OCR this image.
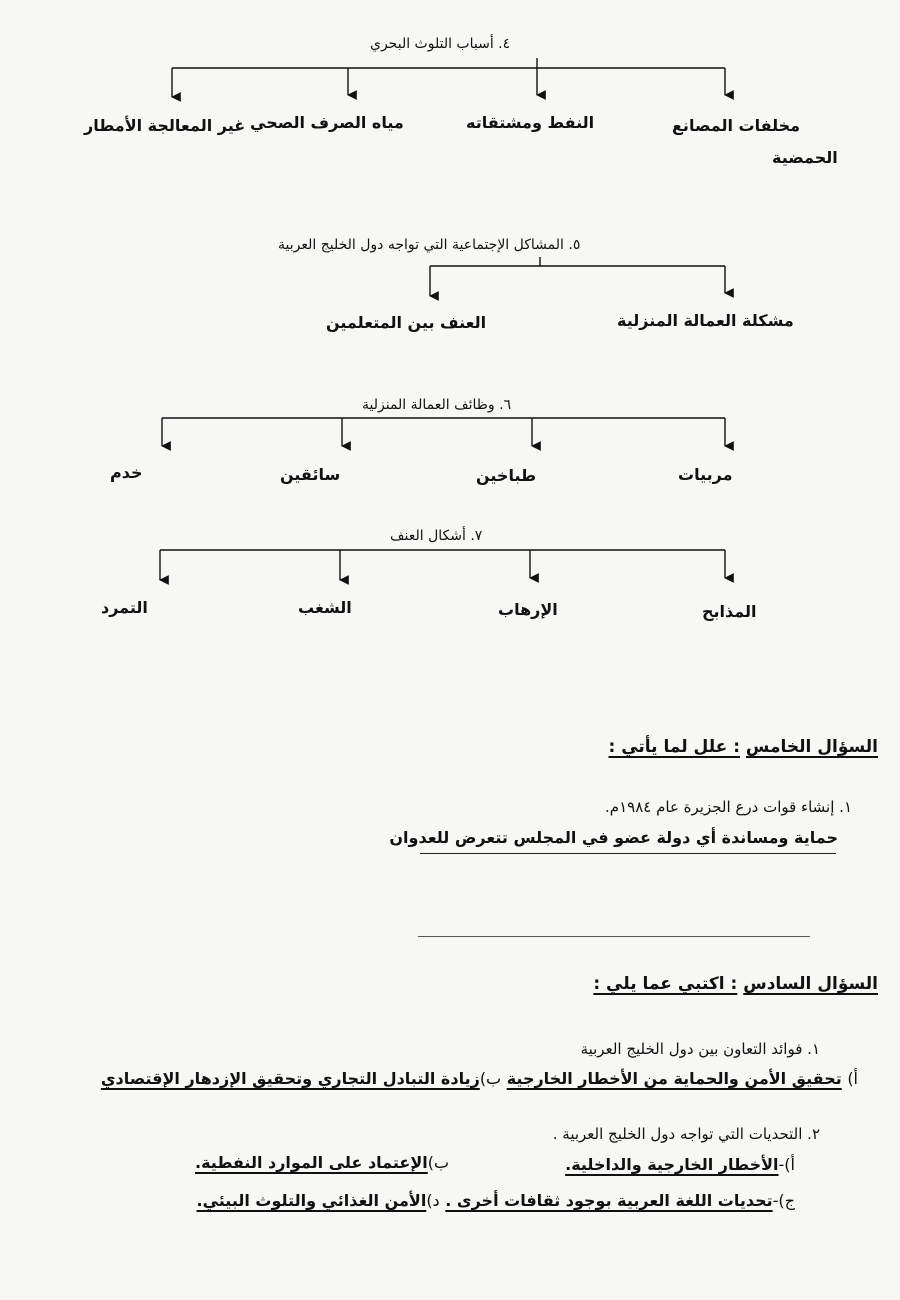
٤. أسباب التلوث البحري
مخلفات المصانع
النفط ومشتقاته
مياه الصرف الصحي
غير المعالجة الأمطار
الحمضية
٥. المشاكل الإجتماعية التي تواجه دول الخليج العربية
مشكلة العمالة المنزلية
العنف بين المتعلمين
٦. وظائف العمالة المنزلية
مربيات
طباخين
سائقين
خدم
٧. أشكال العنف
المذابح
الإرهاب
الشغب
التمرد
السؤال الخامس : علل لما يأتي :
١. إنشاء قوات درع الجزيرة عام ١٩٨٤م.
حماية ومساندة أي دولة عضو في المجلس تتعرض للعدوان
السؤال السادس : اكتبي عما يلي :
١. فوائد التعاون بين دول الخليج العربية
أ) تحقيق الأمن والحماية من الأخطار الخارجية ب)زيادة التبادل التجاري وتحقيق الإزدهار الإقتصادي
٢. التحديات التي تواجه دول الخليج العربية .
أ)-الأخطار الخارجية والداخلية.
ب)الإعتماد على الموارد النفطية.
ج)-تحديات اللغة العربية بوجود ثقافات أخرى . د)الأمن الغذائي والتلوث البيئي.
